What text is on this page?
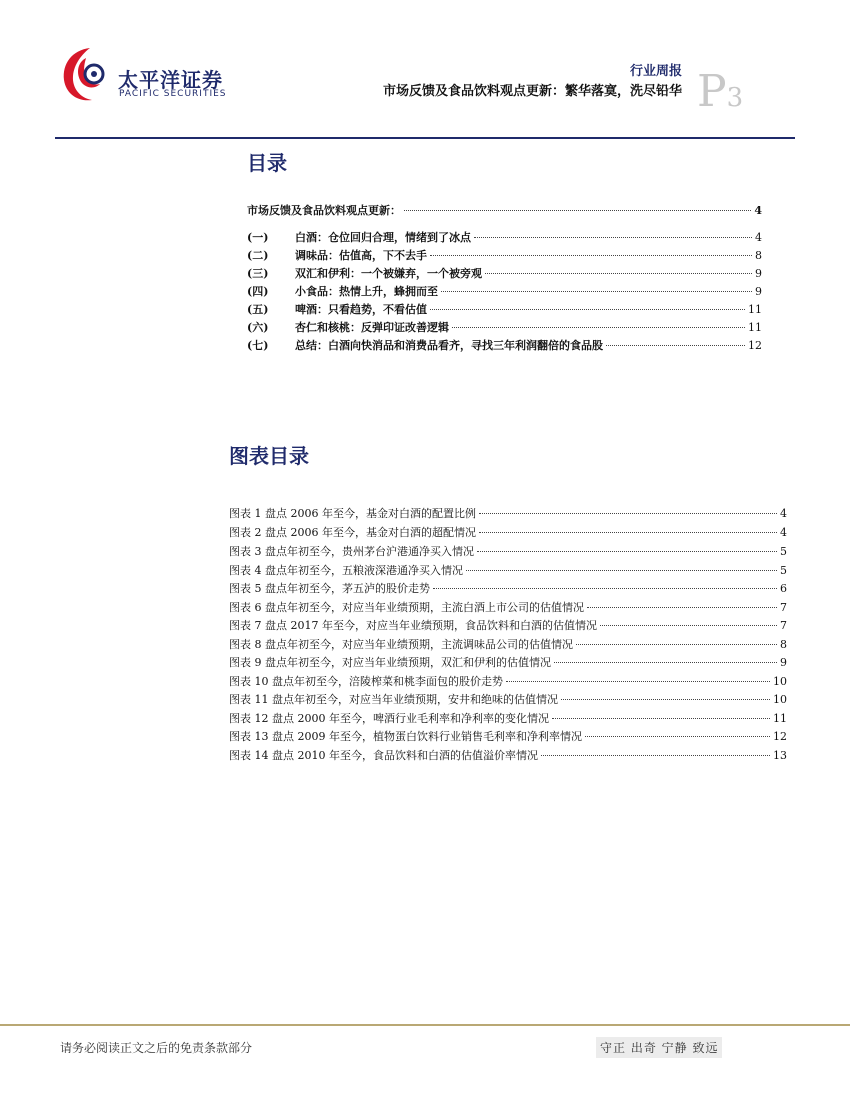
太平洋证券
PACIFIC SECURITIES
行业周报
市场反馈及食品饮料观点更新：繁华落寞，洗尽铅华 P3
目录
市场反馈及食品饮料观点更新：	4
(一)	白酒：仓位回归合理，情绪到了冰点	4
(二)	调味品：估值高，下不去手	8
(三)	双汇和伊利：一个被嫌弃，一个被旁观	9
(四)	小食品：热情上升，蜂拥而至	9
(五)	啤酒：只看趋势，不看估值	11
(六)	杏仁和核桃：反弹印证改善逻辑	11
(七)	总结：白酒向快消品和消费品看齐，寻找三年利润翻倍的食品股	12
图表目录
图表 1 盘点 2006 年至今，基金对白酒的配置比例	4
图表 2 盘点 2006 年至今，基金对白酒的超配情况	4
图表 3 盘点年初至今，贵州茅台沪港通净买入情况	5
图表 4 盘点年初至今，五粮液深港通净买入情况	5
图表 5 盘点年初至今，茅五泸的股价走势	6
图表 6 盘点年初至今，对应当年业绩预期，主流白酒上市公司的估值情况	7
图表 7 盘点 2017 年至今，对应当年业绩预期，食品饮料和白酒的估值情况	7
图表 8 盘点年初至今，对应当年业绩预期，主流调味品公司的估值情况	8
图表 9 盘点年初至今，对应当年业绩预期，双汇和伊利的估值情况	9
图表 10 盘点年初至今，涪陵榨菜和桃李面包的股价走势	10
图表 11 盘点年初至今，对应当年业绩预期，安井和绝味的估值情况	10
图表 12 盘点 2000 年至今，啤酒行业毛利率和净利率的变化情况	11
图表 13 盘点 2009 年至今，植物蛋白饮料行业销售毛利率和净利率情况	12
图表 14 盘点 2010 年至今，食品饮料和白酒的估值溢价率情况	13
请务必阅读正文之后的免责条款部分	守正 出奇 宁静 致远
